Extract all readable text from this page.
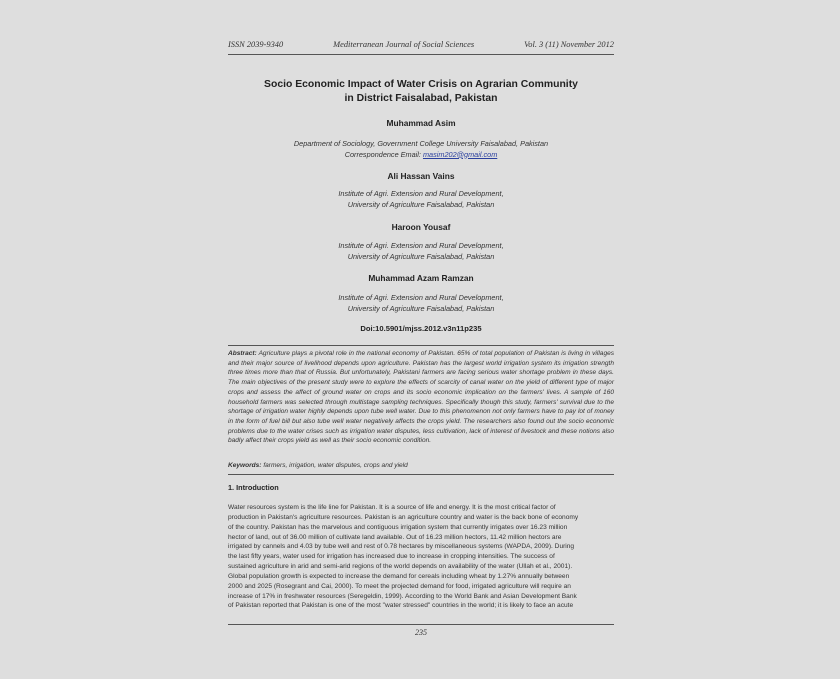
ISSN 2039-9340	Mediterranean Journal of Social Sciences	Vol. 3 (11) November 2012
Socio Economic Impact of Water Crisis on Agrarian Community
in District Faisalabad, Pakistan
Muhammad Asim
Department of Sociology, Government College University Faisalabad, Pakistan
Correspondence Email: masim202@gmail.com
Ali Hassan Vains
Institute of Agri. Extension and Rural Development,
University of Agriculture Faisalabad, Pakistan
Haroon Yousaf
Institute of Agri. Extension and Rural Development,
University of Agriculture Faisalabad, Pakistan
Muhammad Azam Ramzan
Institute of Agri. Extension and Rural Development,
University of Agriculture Faisalabad, Pakistan
Doi:10.5901/mjss.2012.v3n11p235
Abstract: Agriculture plays a pivotal role in the national economy of Pakistan. 65% of total population of Pakistan is living in villages and their major source of livelihood depends upon agriculture. Pakistan has the largest world irrigation system its irrigation strength three times more than that of Russia. But unfortunately, Pakistani farmers are facing serious water shortage problem in these days. The main objectives of the present study were to explore the effects of scarcity of canal water on the yield of different type of major crops and assess the affect of ground water on crops and its socio economic implication on the farmers' lives. A sample of 160 household farmers was selected through multistage sampling techniques. Specifically though this study, farmers' survival due to the shortage of irrigation water highly depends upon tube well water. Due to this phenomenon not only farmers have to pay lot of money in the form of fuel bill but also tube well water negatively affects the crops yield. The researchers also found out the socio economic problems due to the water crises such as irrigation water disputes, less cultivation, lack of interest of livestock and these notions also badly affect their crops yield as well as their socio economic condition.
Keywords: farmers, irrigation, water disputes, crops and yield
1. Introduction
Water resources system is the life line for Pakistan. It is a source of life and energy. It is the most critical factor of
production in Pakistan's agriculture resources. Pakistan is an agriculture country and water is the back bone of economy
of the country. Pakistan has the marvelous and contiguous irrigation system that currently irrigates over 16.23 million
hector of land, out of 36.00 million of cultivate land available. Out of 16.23 million hectors, 11.42 million hectors are
irrigated by cannels and 4.03 by tube well and rest of 0.78 hectares by miscellaneous systems (WAPDA, 2009). During
the last fifty years, water used for irrigation has increased due to increase in cropping intensities. The success of
sustained agriculture in arid and semi-arid regions of the world depends on availability of the water (Ullah et al., 2001).
Global population growth is expected to increase the demand for cereals including wheat by 1.27% annually between
2000 and 2025 (Rosegrant and Cai, 2000). To meet the projected demand for food, irrigated agriculture will require an
increase of 17% in freshwater resources (Seregeldin, 1999). According to the World Bank and Asian Development Bank
of Pakistan reported that Pakistan is one of the most "water stressed" countries in the world; it is likely to face an acute
235
